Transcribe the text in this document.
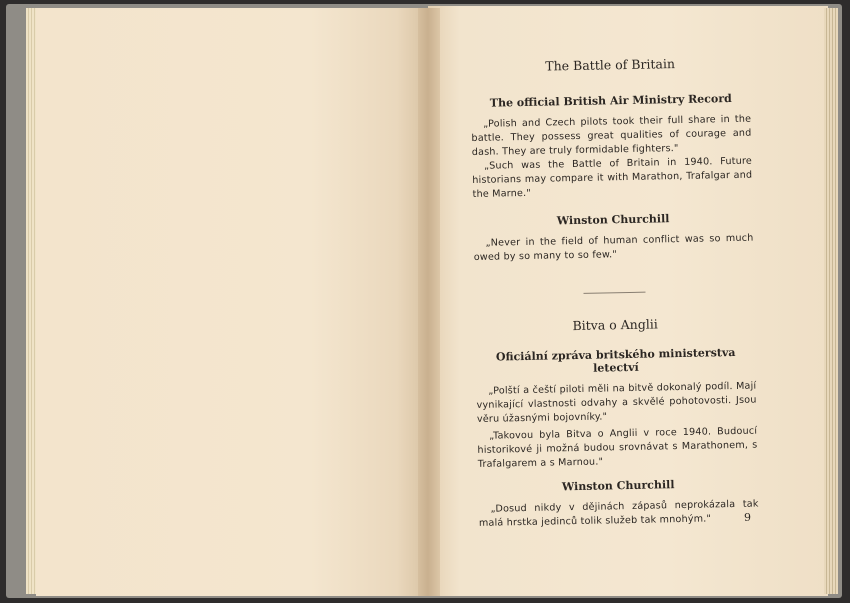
The Battle of Britain
The official British Air Ministry Record

„Polish and Czech pilots took their full share in the battle. They possess great qualities of courage and dash. They are truly formidable fighters."

„Such was the Battle of Britain in 1940. Future historians may compare it with Marathon, Trafalgar and the Marne."

Winston Churchill

„Never in the field of human conflict was so much owed by so many to so few."

Bitva o Anglii
Oficiální zpráva britského ministerstva letectví

„Polští a čeští piloti měli na bitvě dokonalý podíl. Mají vynikající vlastnosti odvahy a skvělé pohotovosti. Jsou věru úžasnými bojovníky."

„Takovou byla Bitva o Anglii v roce 1940. Budoucí historikové ji možná budou srovnávat s Marathonem, s Trafalgarem a s Marnou."

Winston Churchill

„Dosud nikdy v dějinách zápasů neprokázala tak malá hrstka jedinců tolik služeb tak mnohým."	9
